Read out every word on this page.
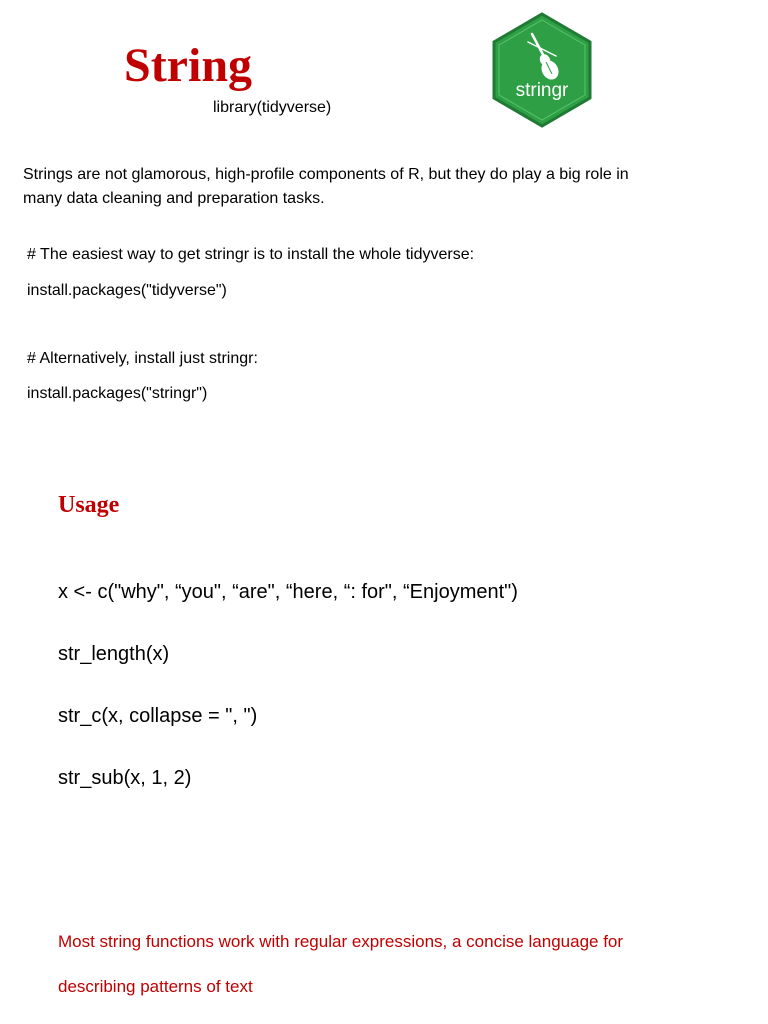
String
library(tidyverse)
stringr
Strings are not glamorous, high-profile components of R, but they do play a big role in many data cleaning and preparation tasks.
# The easiest way to get stringr is to install the whole tidyverse:
install.packages("tidyverse")
# Alternatively, install just stringr:
install.packages("stringr")
Usage
x <- c("why", “you", “are", “here, “: for", “Enjoyment")
str_length(x)
str_c(x, collapse = ", ")
str_sub(x, 1, 2)
Most string functions work with regular expressions, a concise language for
describing patterns of text
